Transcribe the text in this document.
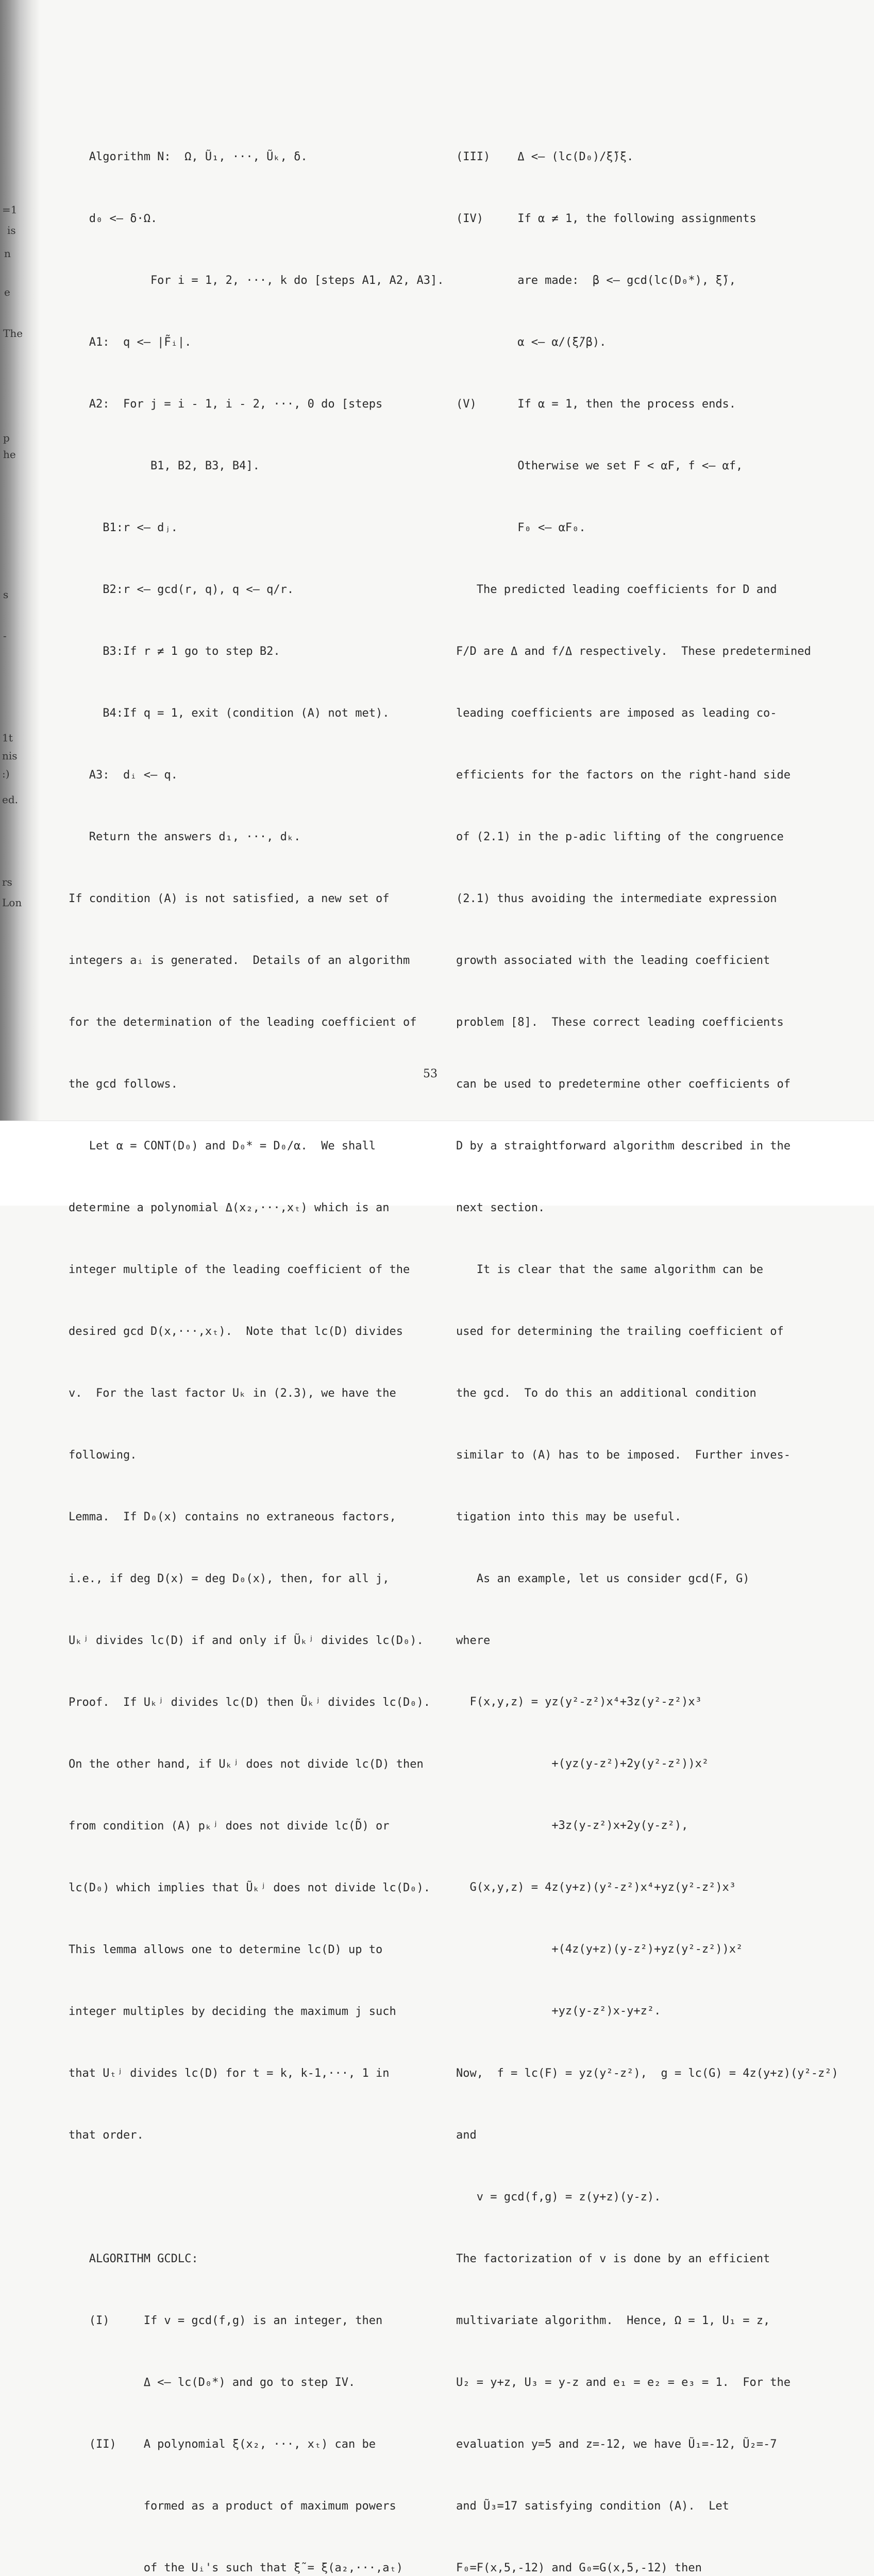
=1
is
n
e
The
p
he
s
-
1t
nis
:)
ed.
rs
Lon

Algorithm N:  Ω, Ũ₁, ···, Ũₖ, δ.

d₀ <— δ·Ω.

For i = 1, 2, ···, k do [steps A1, A2, A3].

A1:  q <— |F̃ᵢ|.

A2:  For j = i - 1, i - 2, ···, 0 do [steps

B1, B2, B3, B4].

B1:r <— dⱼ.

B2:r <— gcd(r, q), q <— q/r.

B3:If r ≠ 1 go to step B2.

B4:If q = 1, exit (condition (A) not met).

A3:  dᵢ <— q.

Return the answers d₁, ···, dₖ.

If condition (A) is not satisfied, a new set of

integers aᵢ is generated.  Details of an algorithm

for the determination of the leading coefficient of

the gcd follows.

Let α = CONT(D₀) and D₀* = D₀/α.  We shall

determine a polynomial Δ(x₂,···,xₜ) which is an

integer multiple of the leading coefficient of the

desired gcd D(x,···,xₜ).  Note that lc(D) divides

v.  For the last factor Uₖ in (2.3), we have the

following.

Lemma.  If D₀(x) contains no extraneous factors,

i.e., if deg D(x) = deg D₀(x), then, for all j,

Uₖʲ divides lc(D) if and only if Ũₖʲ divides lc(D₀).

Proof.  If Uₖʲ divides lc(D) then Ũₖʲ divides lc(D₀).

On the other hand, if Uₖʲ does not divide lc(D) then

from condition (A) pₖʲ does not divide lc(D̃) or

lc(D₀) which implies that Ũₖʲ does not divide lc(D₀).

This lemma allows one to determine lc(D) up to

integer multiples by deciding the maximum j such

that Uₜʲ divides lc(D) for t = k, k-1,···, 1 in

that order.

ALGORITHM GCDLC:

(I)     If v = gcd(f,g) is an integer, then

Δ <— lc(D₀*) and go to step IV.

(II)    A polynomial ξ(x₂, ···, xₜ) can be

formed as a product of maximum powers

of the Uᵢ's such that ξ̃ = ξ(a₂,···,aₜ)

(III)    Δ <— (lc(D₀)/ξ̃)ξ.

(IV)     If α ≠ 1, the following assignments

are made:  β <— gcd(lc(D₀*), ξ̃),

α <— α/(ξ̃/β).

(V)      If α = 1, then the process ends.

Otherwise we set F < αF, f <— αf,

F₀ <— αF₀.

The predicted leading coefficients for D and

F/D are Δ and f/Δ respectively.  These predetermined

leading coefficients are imposed as leading co-

efficients for the factors on the right-hand side

of (2.1) in the p-adic lifting of the congruence

(2.1) thus avoiding the intermediate expression

growth associated with the leading coefficient

problem [8].  These correct leading coefficients

can be used to predetermine other coefficients of

D by a straightforward algorithm described in the

next section.

It is clear that the same algorithm can be

used for determining the trailing coefficient of

the gcd.  To do this an additional condition

similar to (A) has to be imposed.  Further inves-

tigation into this may be useful.

As an example, let us consider gcd(F, G)

where

F(x,y,z) = yz(y²-z²)x⁴+3z(y²-z²)x³

+(yz(y-z²)+2y(y²-z²))x²

+3z(y-z²)x+2y(y-z²),

G(x,y,z) = 4z(y+z)(y²-z²)x⁴+yz(y²-z²)x³

+(4z(y+z)(y-z²)+yz(y²-z²))x²

+yz(y-z²)x-y+z².

Now,  f = lc(F) = yz(y²-z²),  g = lc(G) = 4z(y+z)(y²-z²)

and

v = gcd(f,g) = z(y+z)(y-z).

The factorization of v is done by an efficient

multivariate algorithm.  Hence, Ω = 1, U₁ = z,

U₂ = y+z, U₃ = y-z and e₁ = e₂ = e₃ = 1.  For the

evaluation y=5 and z=-12, we have Ũ₁=-12, Ũ₂=-7

and Ũ₃=17 satisfying condition (A).  Let

F₀=F(x,5,-12) and G₀=G(x,5,-12) then

53
